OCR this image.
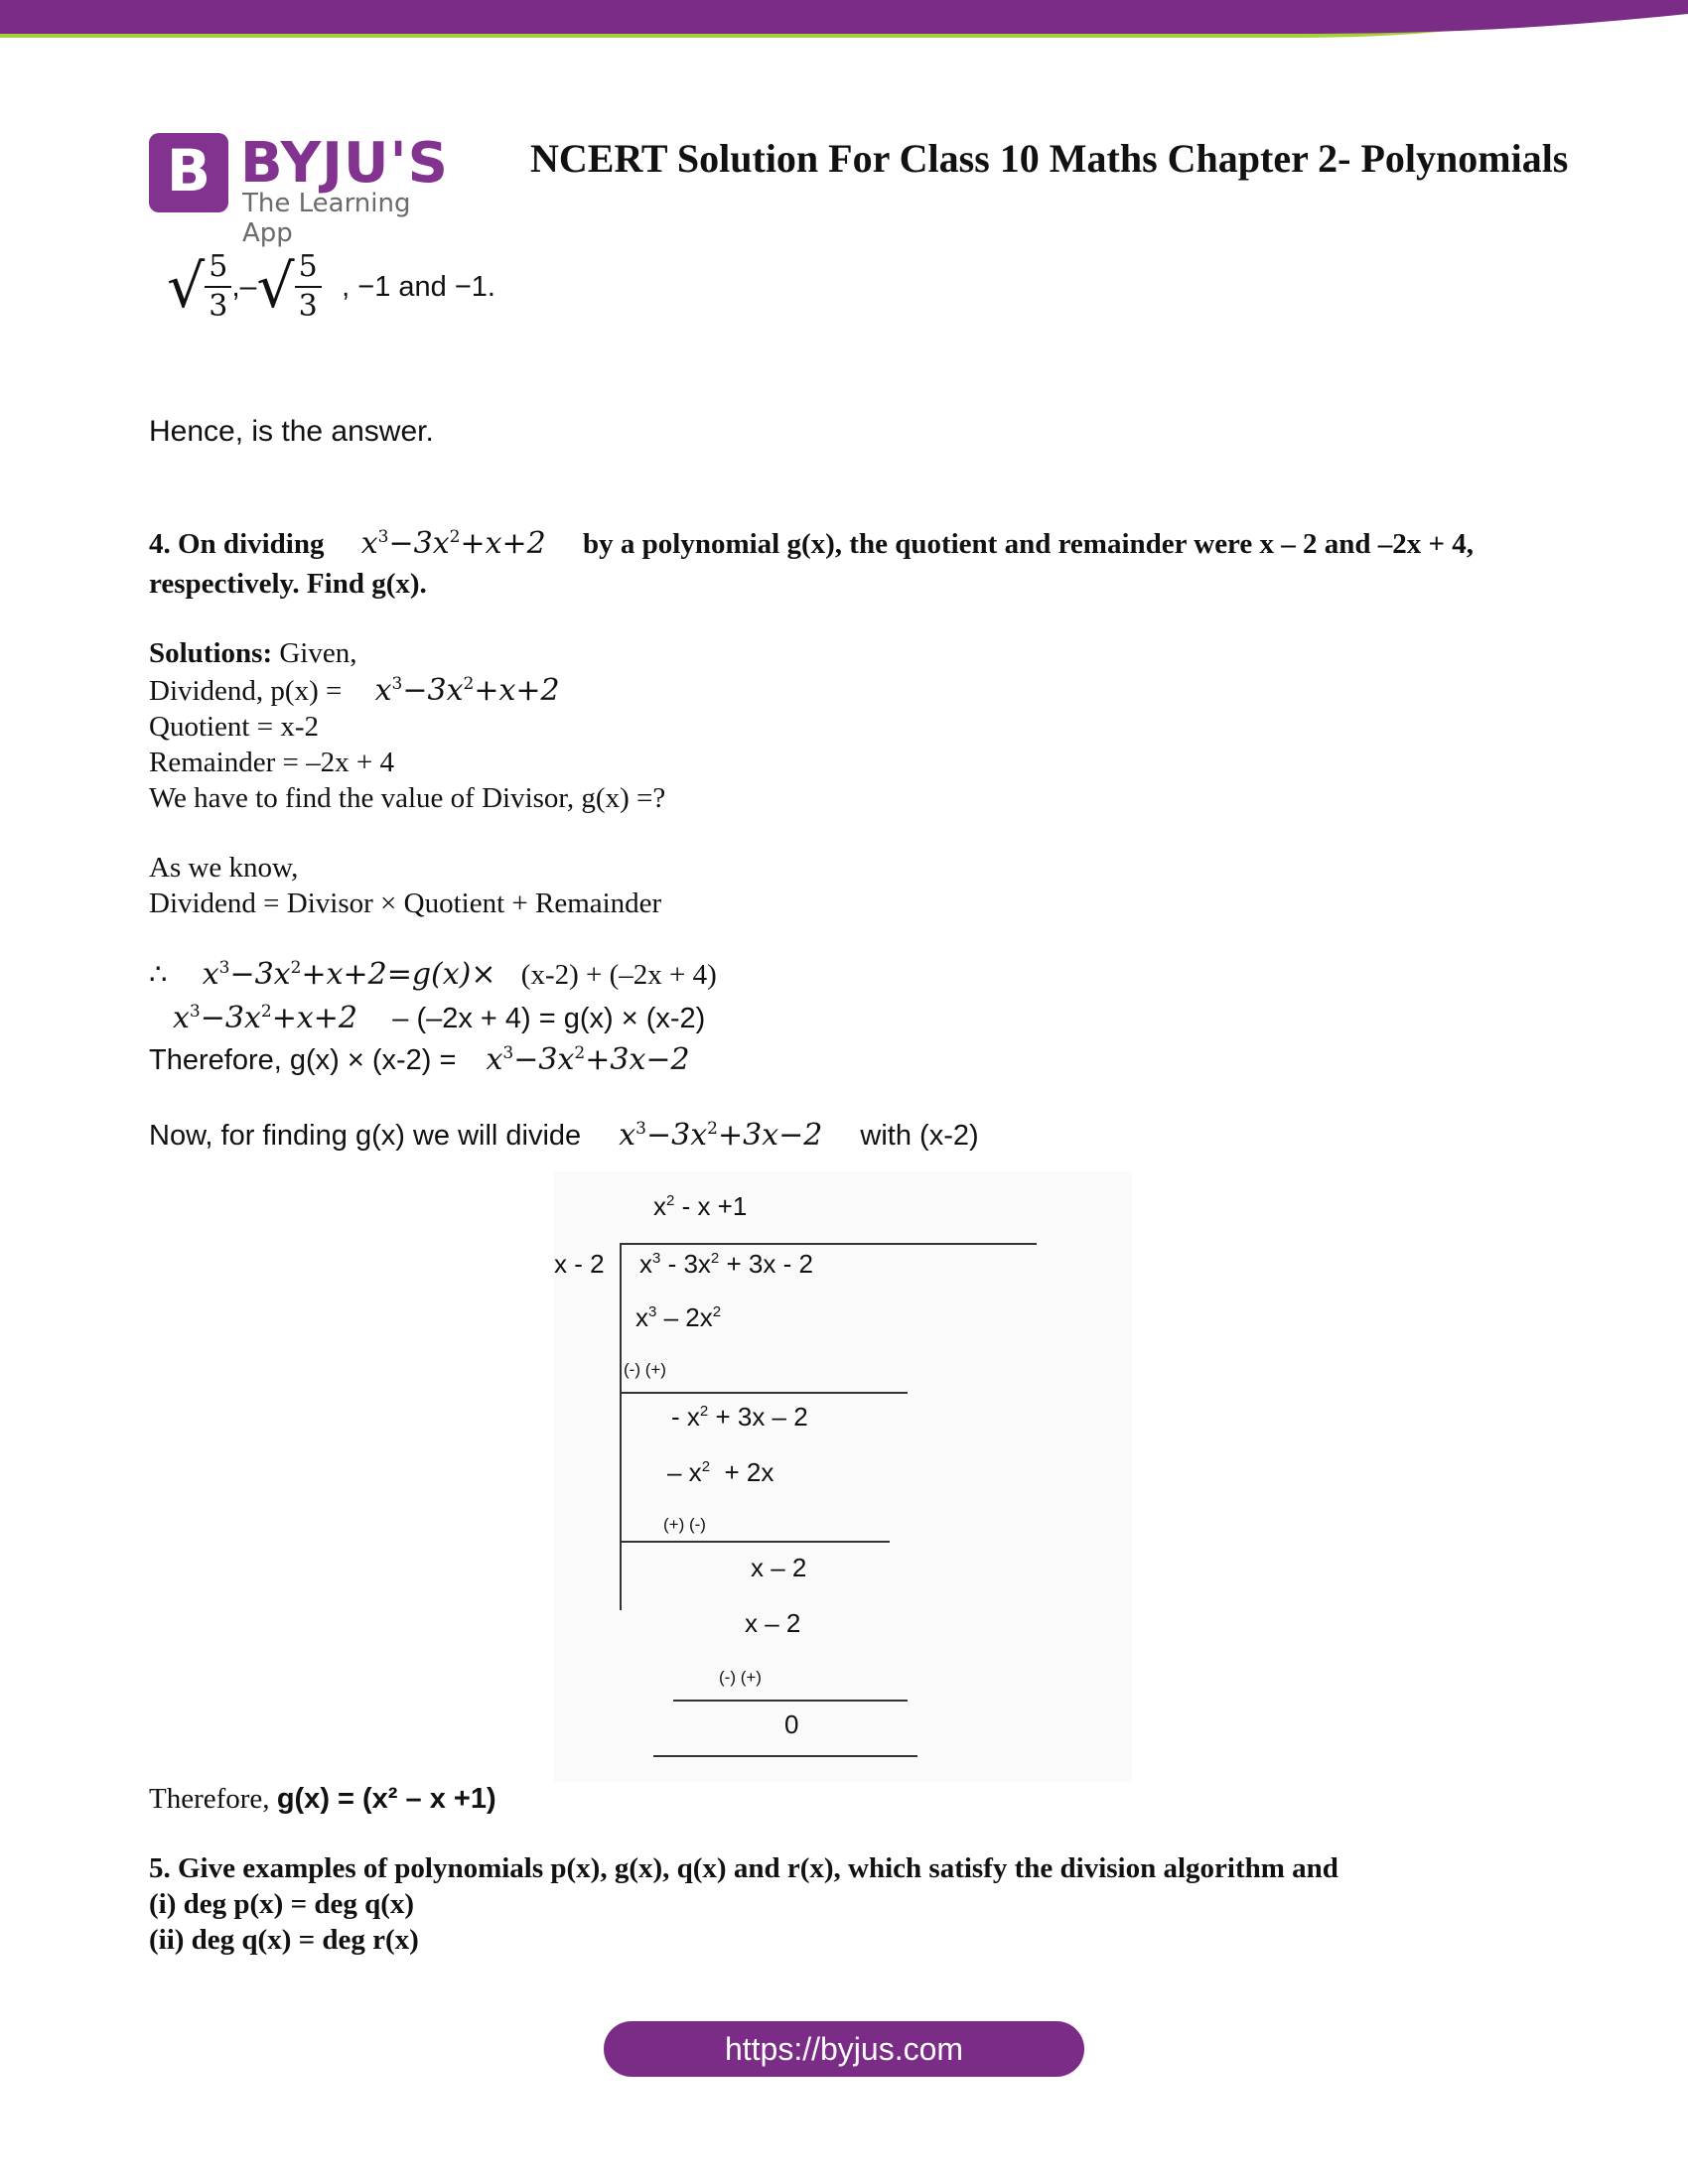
B BYJU'S
The Learning App
NCERT Solution For Class 10 Maths Chapter 2- Polynomials
√ $\frac{5}{3}$ ,–√ $\frac{5}{3}$ , −1 and −1.
Hence, is the answer.
4. On dividing $x^3-3x^2+x+2$ by a polynomial g(x), the quotient and remainder were x – 2 and –2x + 4,
respectively. Find g(x).
Solutions: Given,
Dividend, $p(x) = x^3-3x^2+x+2$
Quotient = x-2
Remainder = –2x + 4
We have to find the value of Divisor, g(x) =?
As we know,
Dividend = Divisor × Quotient + Remainder
∴ $x^3-3x^2+x+2=g(x)\times (x-2) + (-2x + 4)$
$x^3-3x^2+x+2 - (-2x + 4) = g(x) \times (x-2)$
Therefore, $g(x) \times (x-2) = x^3-3x^2+3x-2$
Now, for finding g(x) we will divide $x^3-3x^2+3x-2$ with (x-2)
$x^2 - x +1$
x - 2 $x^3 - 3x^2 + 3x - 2$
$x^3 - 2x^2$
(-) (+)
- $x^2 + 3x - 2$
– $x^2 + 2x$
(+) (-)
x – 2
x – 2
(-) (+)
0
Therefore, g(x) = (x² – x +1)
5. Give examples of polynomials p(x), g(x), q(x) and r(x), which satisfy the division algorithm and
(i) deg p(x) = deg q(x)
(ii) deg q(x) = deg r(x)
https://byjus.com
